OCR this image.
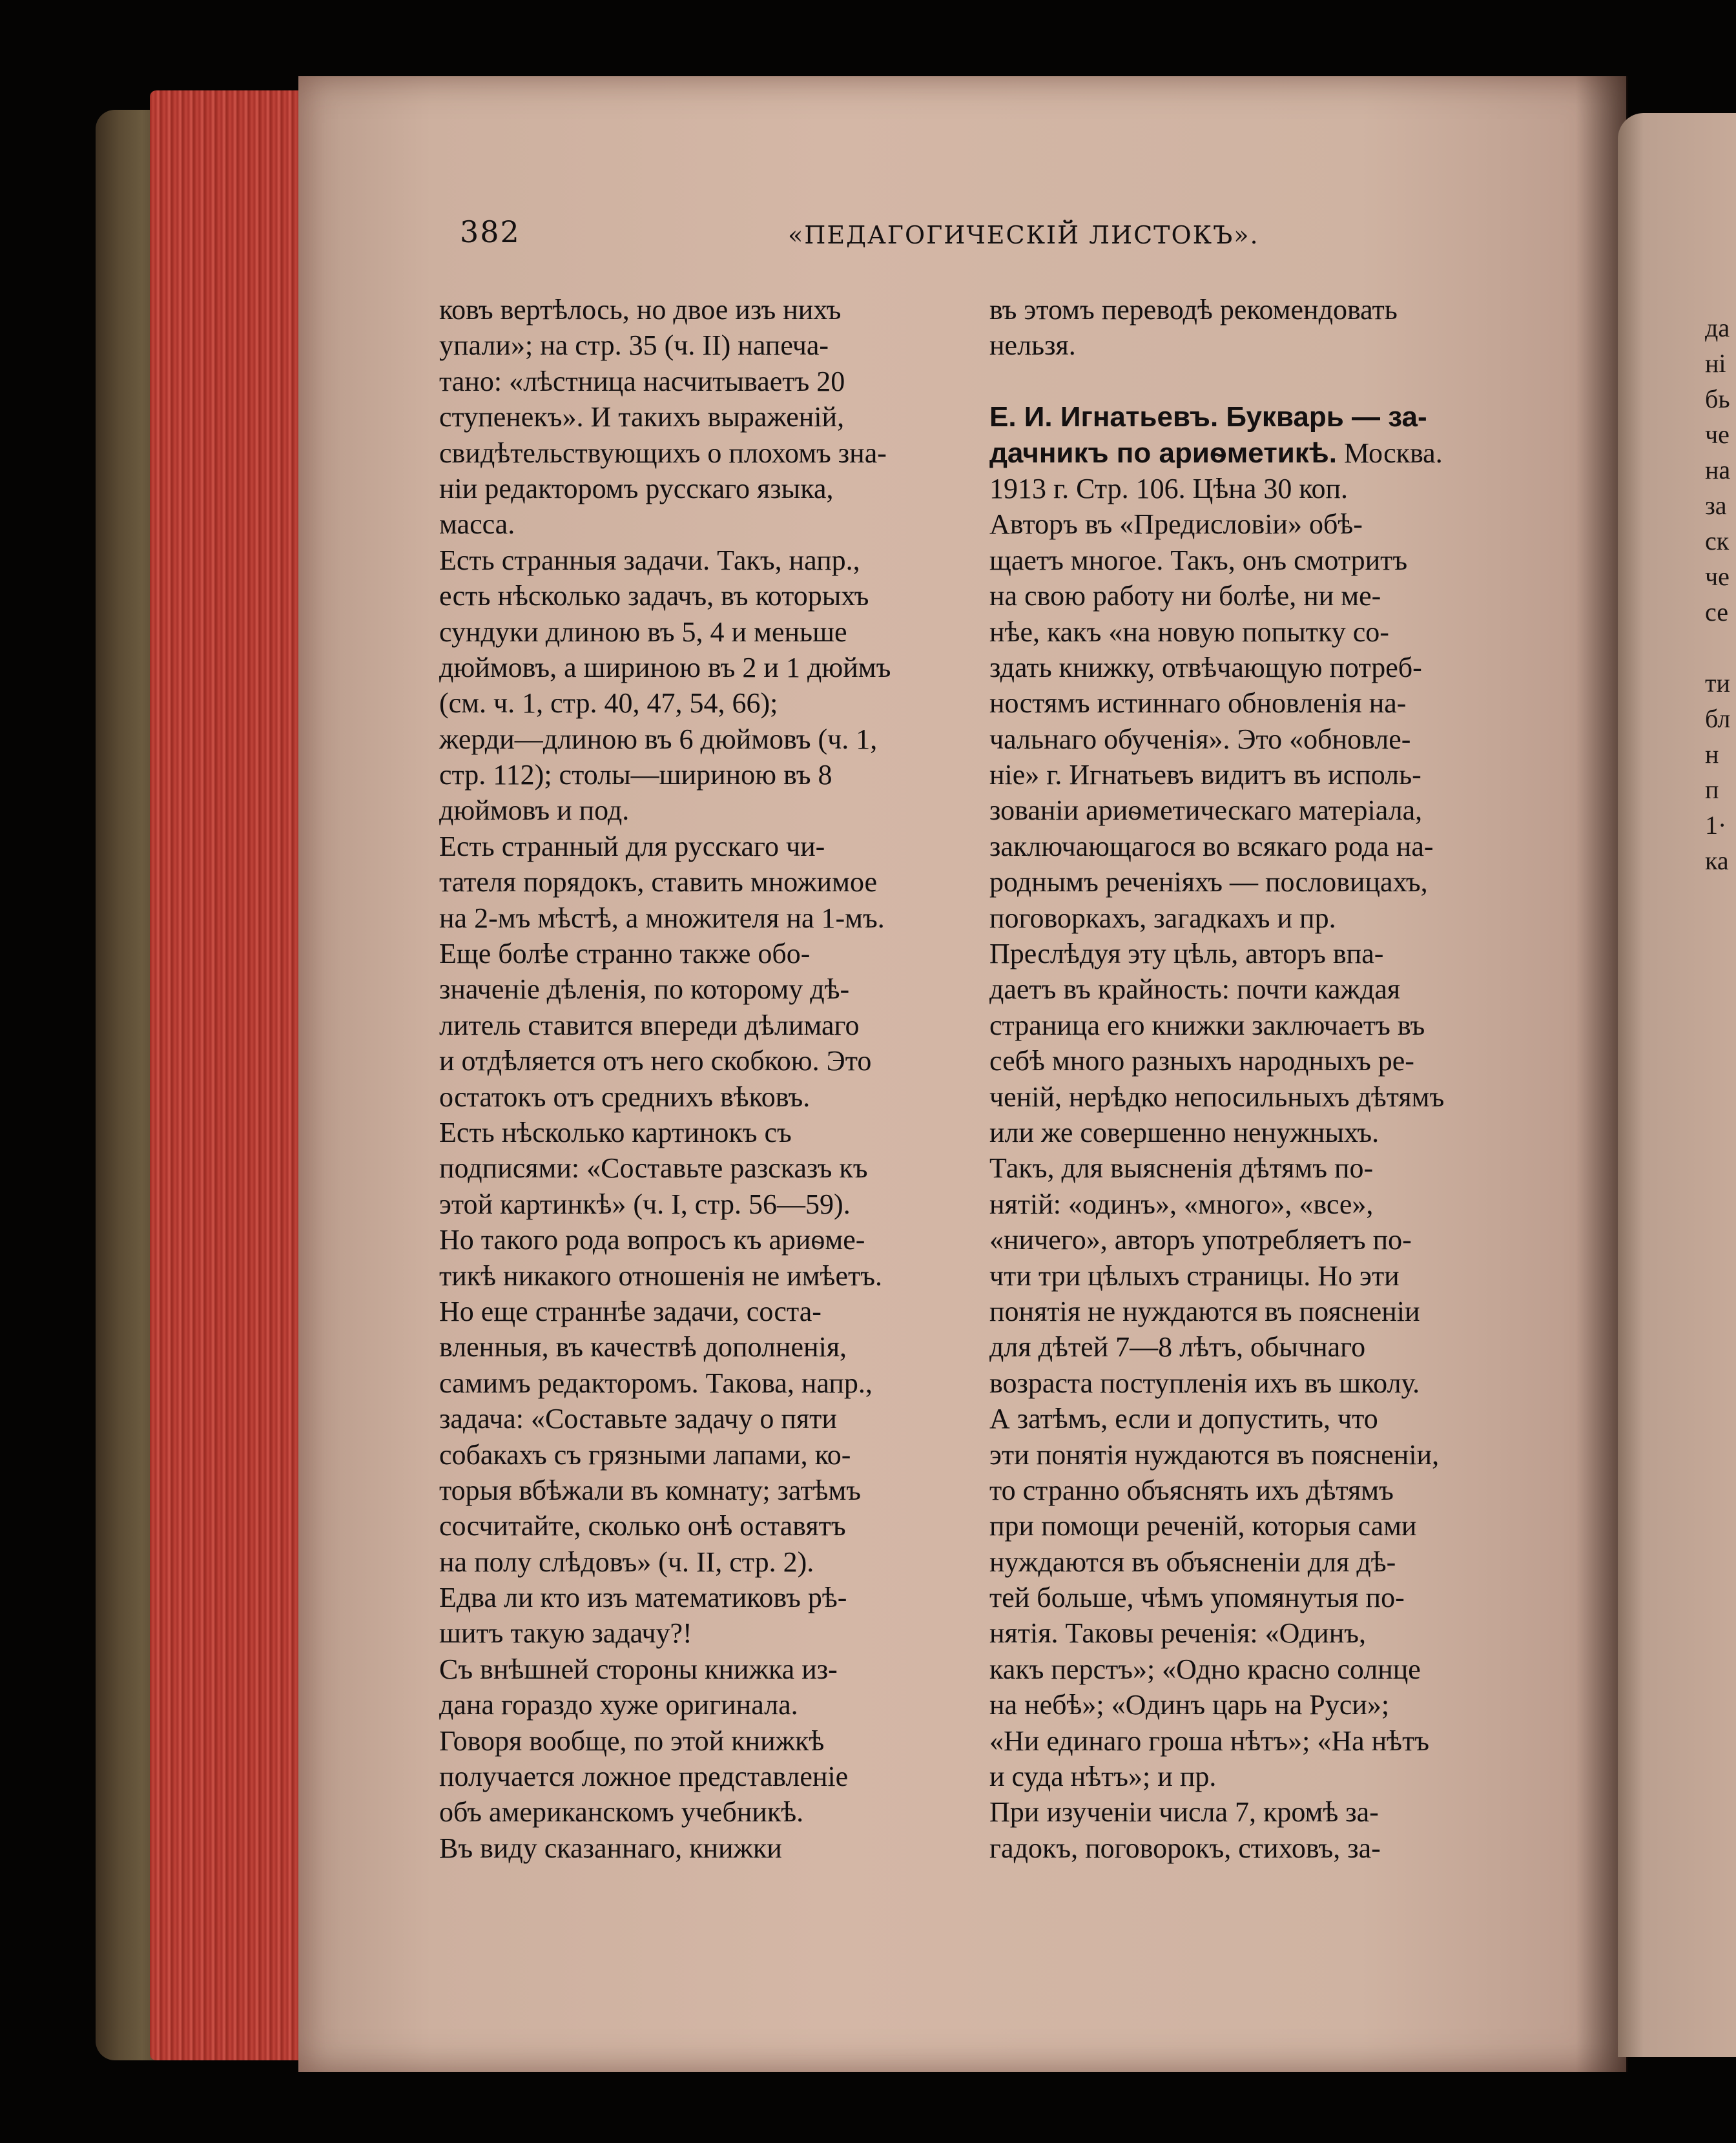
382	«ПЕДАГОГИЧЕСКІЙ ЛИСТОКЪ».
ковъ вертѣлось, но двое изъ нихъ
упали»; на стр. 35 (ч. II) напеча-
тано: «лѣстница насчитываетъ 20
ступенекъ». И такихъ выраженій,
свидѣтельствующихъ о плохомъ зна-
ніи редакторомъ русскаго языка,
масса.
Есть странныя задачи. Такъ, напр.,
есть нѣсколько задачъ, въ которыхъ
сундуки длиною въ 5, 4 и меньше
дюймовъ, а шириною въ 2 и 1 дюймъ
(см. ч. 1, стр. 40, 47, 54, 66);
жерди—длиною въ 6 дюймовъ (ч. 1,
стр. 112); столы—шириною въ 8
дюймовъ и под.
Есть странный для русскаго чи-
тателя порядокъ, ставить множимое
на 2-мъ мѣстѣ, а множителя на 1-мъ.
Еще болѣе странно также обо-
значеніе дѣленія, по которому дѣ-
литель ставится впереди дѣлимаго
и отдѣляется отъ него скобкою. Это
остатокъ отъ среднихъ вѣковъ.
Есть нѣсколько картинокъ съ
подписями: «Составьте разсказъ къ
этой картинкѣ» (ч. I, стр. 56—59).
Но такого рода вопросъ къ ариѳме-
тикѣ никакого отношенія не имѣетъ.
Но еще страннѣе задачи, соста-
вленныя, въ качествѣ дополненія,
самимъ редакторомъ. Такова, напр.,
задача: «Составьте задачу о пяти
собакахъ съ грязными лапами, ко-
торыя вбѣжали въ комнату; затѣмъ
сосчитайте, сколько онѣ оставятъ
на полу слѣдовъ» (ч. II, стр. 2).
Едва ли кто изъ математиковъ рѣ-
шитъ такую задачу?!
Съ внѣшней стороны книжка из-
дана гораздо хуже оригинала.
Говоря вообще, по этой книжкѣ
получается ложное представленіе
объ американскомъ учебникѣ.
Въ виду сказаннаго, книжки
въ этомъ переводѣ рекомендовать
нельзя.
Е. И. Игнатьевъ. Букварь — за-
дачникъ по ариѳметикѣ. Москва.
1913 г. Стр. 106. Цѣна 30 коп.
Авторъ въ «Предисловіи» обѣ-
щаетъ многое. Такъ, онъ смотритъ
на свою работу ни болѣе, ни ме-
нѣе, какъ «на новую попытку со-
здать книжку, отвѣчающую потреб-
ностямъ истиннаго обновленія на-
чальнаго обученія». Это «обновле-
ніе» г. Игнатьевъ видитъ въ исполь-
зованіи ариѳметическаго матеріала,
заключающагося во всякаго рода на-
роднымъ реченіяхъ — пословицахъ,
поговоркахъ, загадкахъ и пр.
Преслѣдуя эту цѣль, авторъ впа-
даетъ въ крайность: почти каждая
страница его книжки заключаетъ въ
себѣ много разныхъ народныхъ ре-
ченій, нерѣдко непосильныхъ дѣтямъ
или же совершенно ненужныхъ.
Такъ, для выясненія дѣтямъ по-
нятій: «одинъ», «много», «все»,
«ничего», авторъ употребляетъ по-
чти три цѣлыхъ страницы. Но эти
понятія не нуждаются въ поясненіи
для дѣтей 7—8 лѣтъ, обычнаго
возраста поступленія ихъ въ школу.
А затѣмъ, если и допустить, что
эти понятія нуждаются въ поясненіи,
то странно объяснять ихъ дѣтямъ
при помощи реченій, которыя сами
нуждаются въ объясненіи для дѣ-
тей больше, чѣмъ упомянутыя по-
нятія. Таковы реченія: «Одинъ,
какъ перстъ»; «Одно красно солнце
на небѣ»; «Одинъ царь на Руси»;
«Ни единаго гроша нѣтъ»; «На нѣтъ
и суда нѣтъ»; и пр.
При изученіи числа 7, кромѣ за-
гадокъ, поговорокъ, стиховъ, за-
да
ні
бь
че
на
за
ск
че
се
ти
бл
н
п
1·
ка
